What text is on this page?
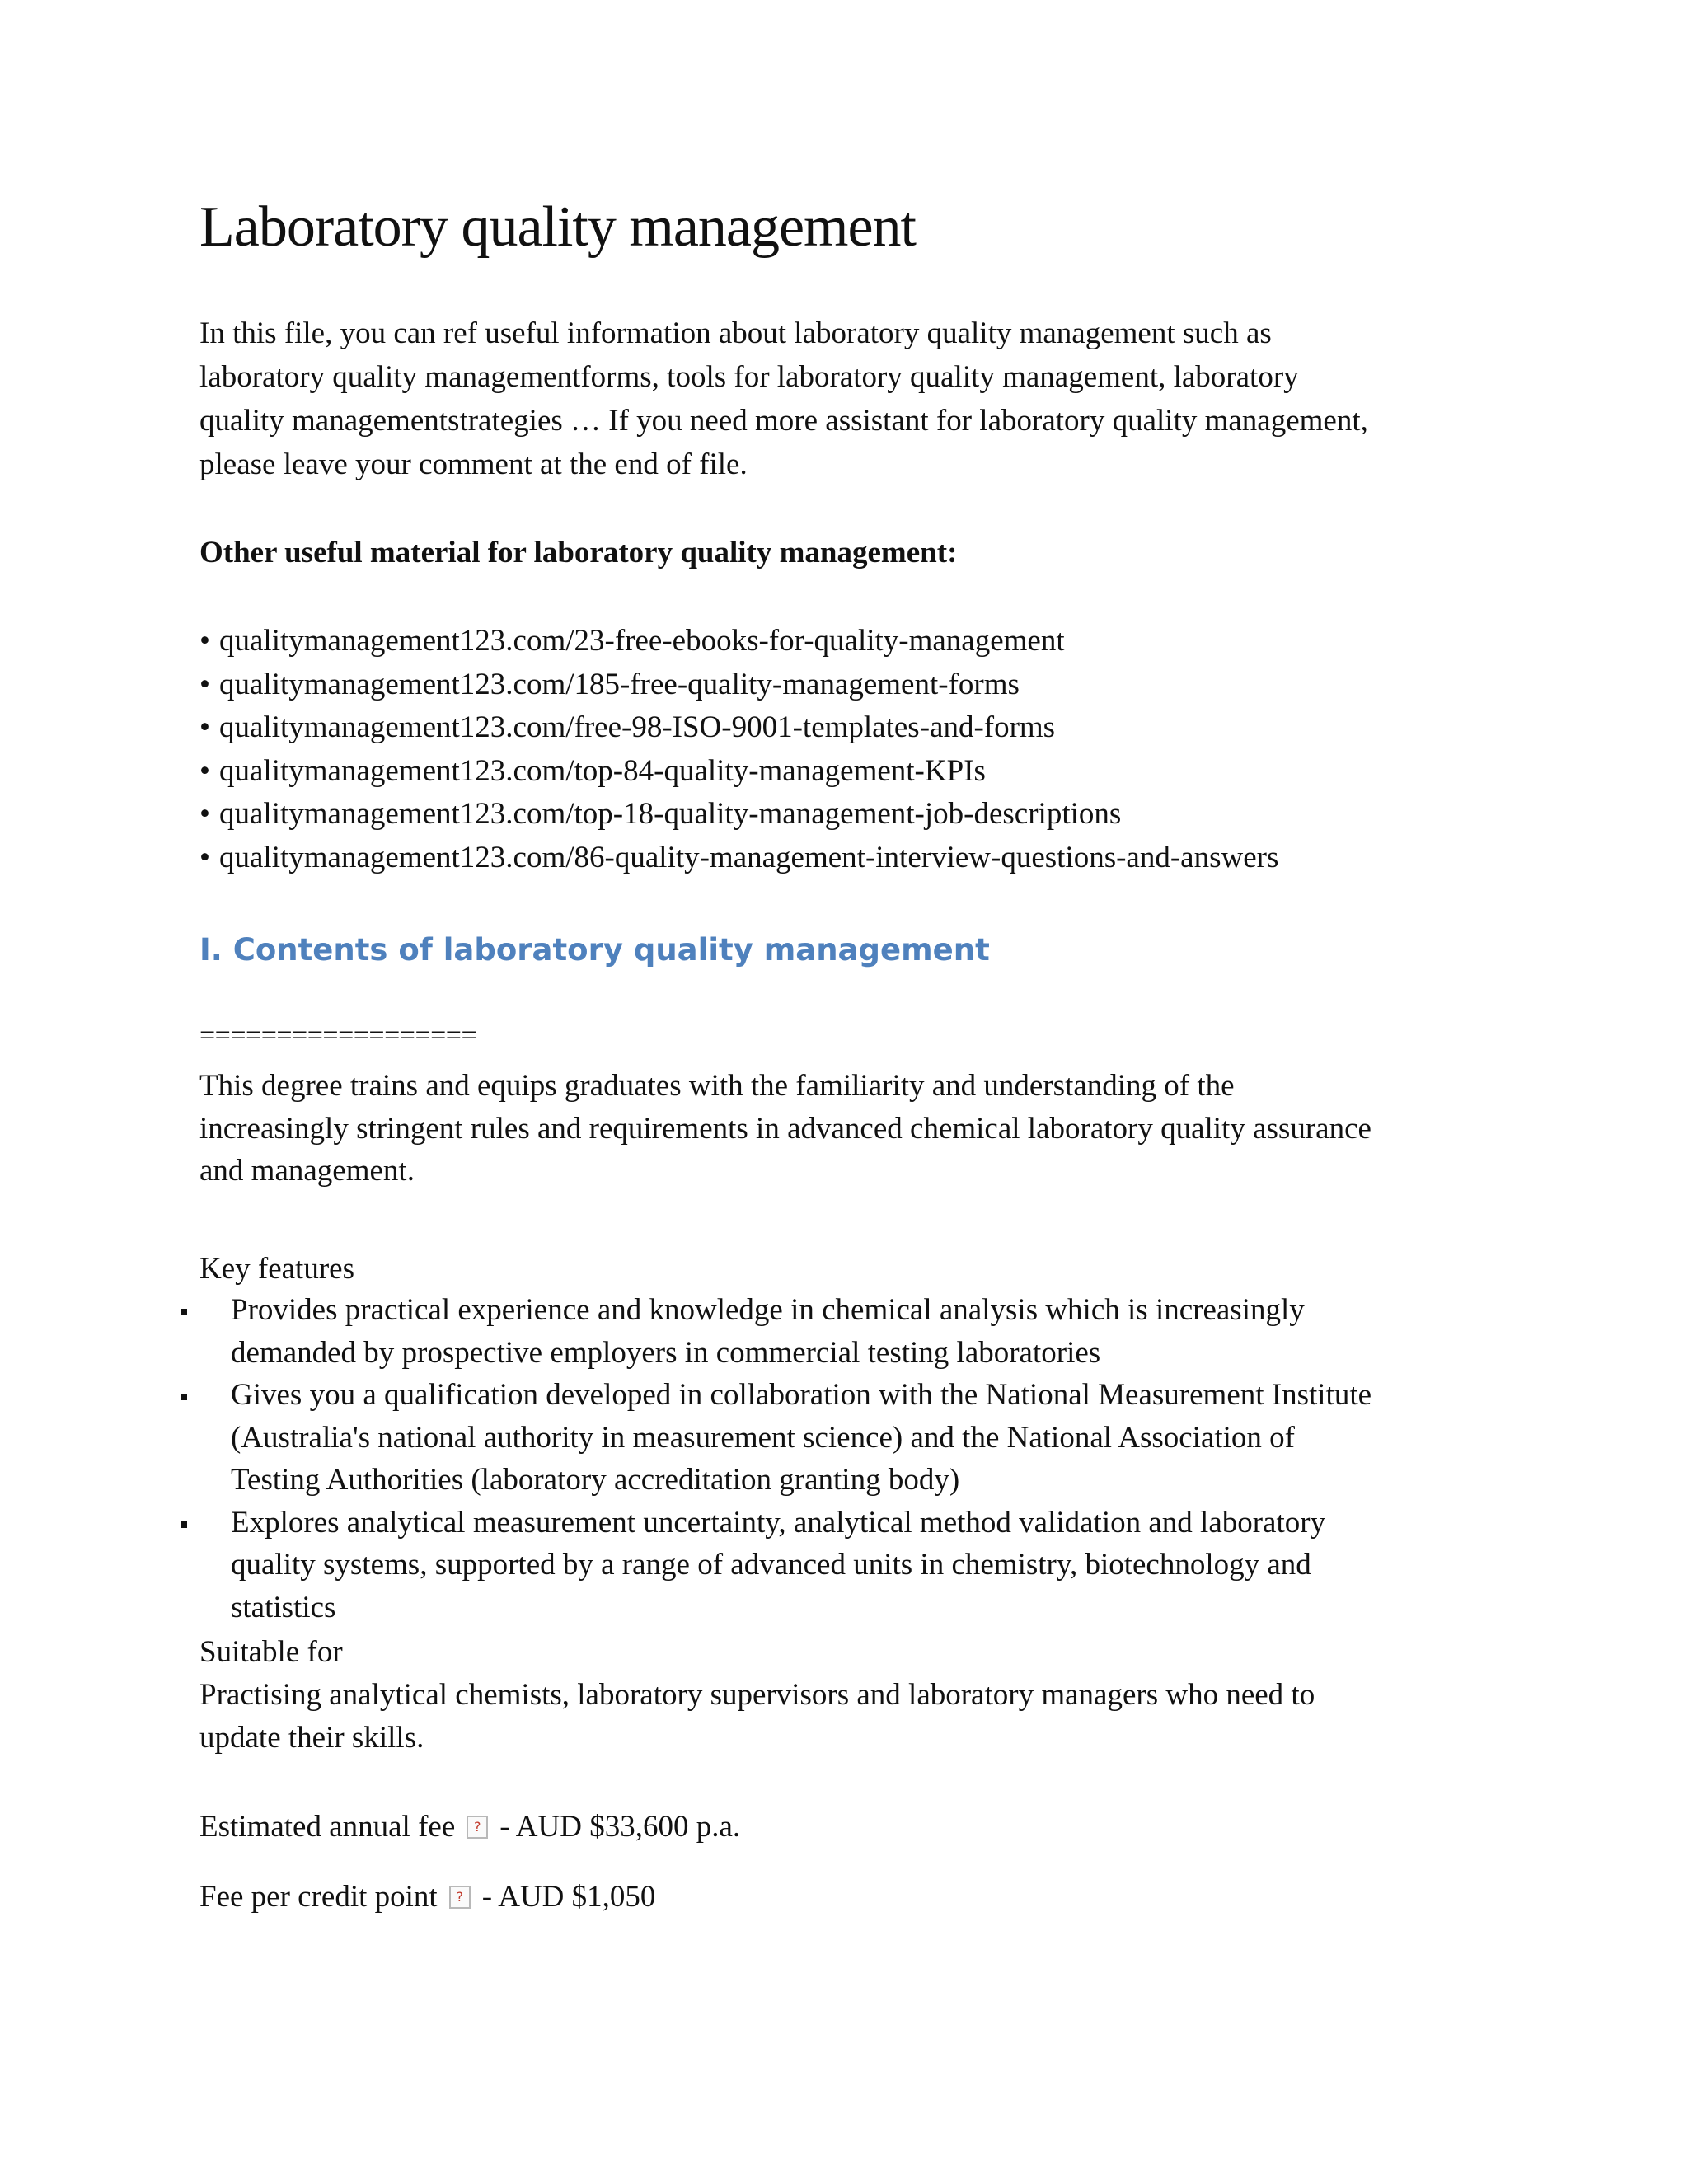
Laboratory quality management
In this file, you can ref useful information about laboratory quality management such as
laboratory quality managementforms, tools for laboratory quality management, laboratory
quality managementstrategies … If you need more assistant for laboratory quality management,
please leave your comment at the end of file.
Other useful material for laboratory quality management:
• qualitymanagement123.com/23-free-ebooks-for-quality-management
• qualitymanagement123.com/185-free-quality-management-forms
• qualitymanagement123.com/free-98-ISO-9001-templates-and-forms
• qualitymanagement123.com/top-84-quality-management-KPIs
• qualitymanagement123.com/top-18-quality-management-job-descriptions
• qualitymanagement123.com/86-quality-management-interview-questions-and-answers
I. Contents of laboratory quality management
==================
This degree trains and equips graduates with the familiarity and understanding of the
increasingly stringent rules and requirements in advanced chemical laboratory quality assurance
and management.
Key features
Provides practical experience and knowledge in chemical analysis which is increasingly
demanded by prospective employers in commercial testing laboratories
Gives you a qualification developed in collaboration with the National Measurement Institute
(Australia's national authority in measurement science) and the National Association of
Testing Authorities (laboratory accreditation granting body)
Explores analytical measurement uncertainty, analytical method validation and laboratory
quality systems, supported by a range of advanced units in chemistry, biotechnology and
statistics
Suitable for
Practising analytical chemists, laboratory supervisors and laboratory managers who need to
update their skills.
Estimated annual fee	? - AUD $33,600 p.a.
Fee per credit point	? - AUD $1,050
